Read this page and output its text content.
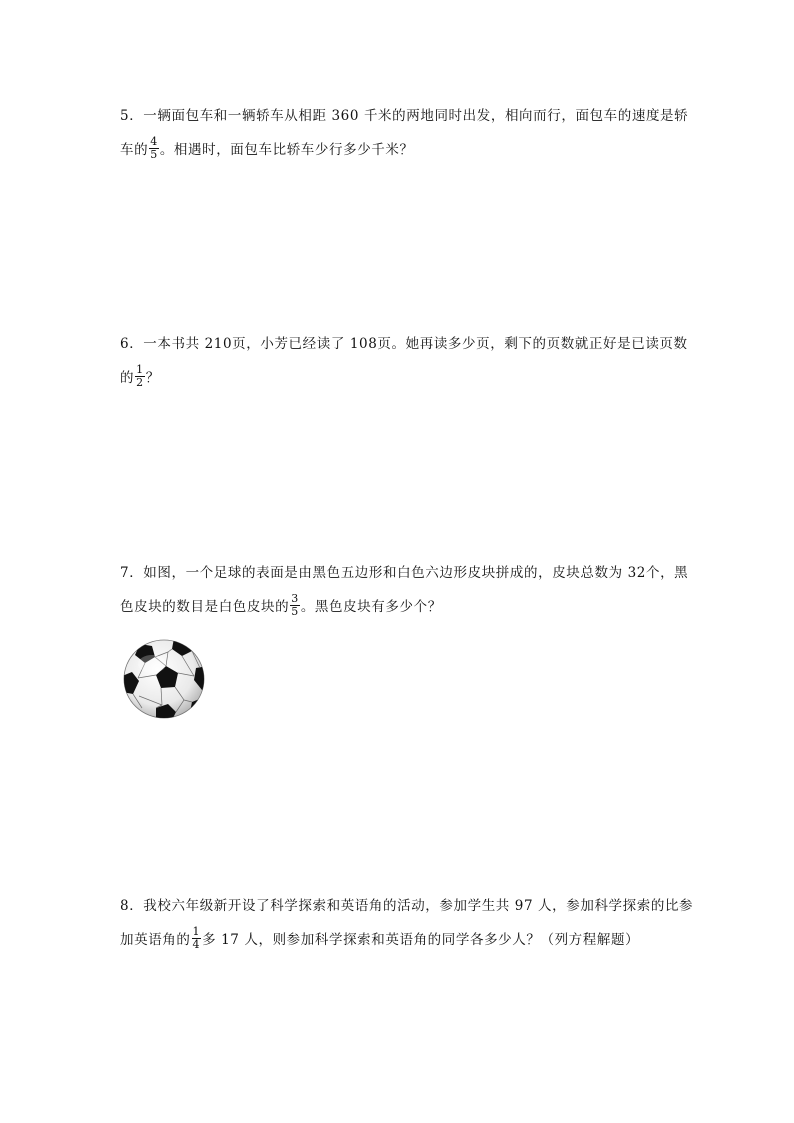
5．一辆面包车和一辆轿车从相距 360 千米的两地同时出发，相向而行，面包车的速度是轿
车的 $\frac{4}{5}$ 。相遇时，面包车比轿车少行多少千米？
6．一本书共 210页，小芳已经读了 108页。她再读多少页，剩下的页数就正好是已读页数
的 $\frac{1}{2}$ ？
7．如图，一个足球的表面是由黑色五边形和白色六边形皮块拼成的，皮块总数为 32个，黑
色皮块的数目是白色皮块的 $\frac{3}{5}$ 。黑色皮块有多少个？
8．我校六年级新开设了科学探索和英语角的活动，参加学生共 97 人，参加科学探索的比参
加英语角的 $\frac{1}{4}$ 多 17 人，则参加科学探索和英语角的同学各多少人？（列方程解题）
